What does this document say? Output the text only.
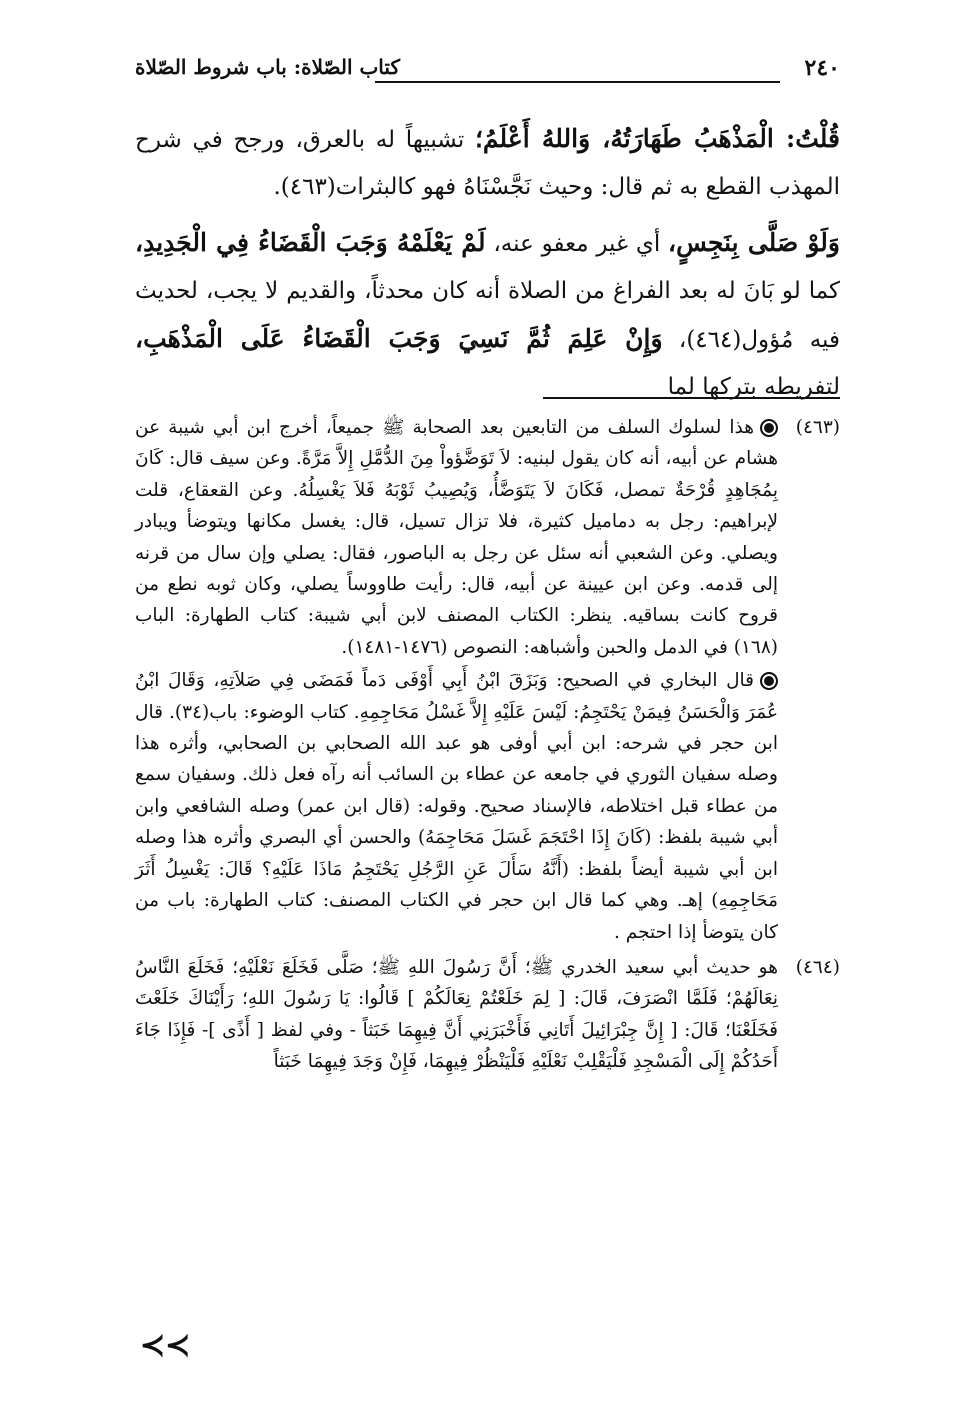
٢٤٠
كتاب الصّلاة: باب شروط الصّلاة

قُلْتُ: الْمَذْهَبُ طَهَارَتُهُ، وَاللهُ أَعْلَمُ؛ تشبيهاً له بالعرق، ورجح في شرح المهذب القطع به ثم قال: وحيث نَجَّسْنَاهُ فهو كالبثرات(٤٦٣).

وَلَوْ صَلَّى بِنَجِسٍ، أي غير معفو عنه، لَمْ يَعْلَمْهُ وَجَبَ الْقَضَاءُ فِي الْجَدِيدِ، كما لو بَانَ له بعد الفراغ من الصلاة أنه كان محدثاً، والقديم لا يجب، لحديث فيه مُؤول(٤٦٤)، وَإِنْ عَلِمَ ثُمَّ نَسِيَ وَجَبَ الْقَضَاءُ عَلَى الْمَذْهَبِ، لتفريطه بتركها لما

(٤٦٣)

هذا لسلوك السلف من التابعين بعد الصحابة ﷺ جميعاً، أخرج ابن أبي شيبة عن هشام عن أبيه، أنه كان يقول لبنيه: لاَ تَوَضَّؤواْ مِنَ الدُّمَّلِ إِلاَّ مَرَّةً. وعن سيف قال: كَانَ بِمُجَاهِدٍ قُرْحَةٌ تمصل، فَكَانَ لاَ يَتَوَضَّأُ، وَيُصِيبُ ثَوْبَهُ فَلاَ يَغْسِلُهُ. وعن القعقاع، قلت لإبراهيم: رجل به دماميل كثيرة، فلا تزال تسيل، قال: يغسل مكانها ويتوضأ ويبادر ويصلي. وعن الشعبي أنه سئل عن رجل به الباصور، فقال: يصلي وإن سال من قرنه إلى قدمه. وعن ابن عيينة عن أبيه، قال: رأيت طاووساً يصلي، وكان ثوبه نطع من قروح كانت بساقيه. ينظر: الكتاب المصنف لابن أبي شيبة: كتاب الطهارة: الباب (١٦٨) في الدمل والحبن وأشباهه: النصوص (١٤٧٦-١٤٨١).

قال البخاري في الصحيح: وَبَزَقَ ابْنُ أَبِي أَوْفَى دَماً فَمَضَى فِي صَلاَتِهِ، وَقَالَ ابْنُ عُمَرَ وَالْحَسَنُ فِيمَنْ يَحْتَجِمُ: لَيْسَ عَلَيْهِ إِلاَّ غَسْلُ مَحَاجِمِهِ. كتاب الوضوء: باب(٣٤). قال ابن حجر في شرحه: ابن أبي أوفى هو عبد الله الصحابي بن الصحابي، وأثره هذا وصله سفيان الثوري في جامعه عن عطاء بن السائب أنه رآه فعل ذلك. وسفيان سمع من عطاء قبل اختلاطه، فالإسناد صحيح. وقوله: (قال ابن عمر) وصله الشافعي وابن أبي شيبة بلفظ: (كَانَ إِذَا احْتَجَمَ غَسَلَ مَحَاجِمَهُ) والحسن أي البصري وأثره هذا وصله ابن أبي شيبة أيضاً بلفظ: (أَنَّهُ سَأَلَ عَنِ الرَّجُلِ يَحْتَجِمُ مَاذَا عَلَيْهِ؟ قَالَ: يَغْسِلُ أَثَرَ مَحَاجِمِهِ) إهـ. وهي كما قال ابن حجر في الكتاب المصنف: كتاب الطهارة: باب من كان يتوضأ إذا احتجم .

(٤٦٤)

هو حديث أبي سعيد الخدري ﷺ؛ أَنَّ رَسُولَ اللهِ ﷺ؛ صَلَّى فَخَلَعَ نَعْلَيْهِ؛ فَخَلَعَ النَّاسُ نِعَالَهُمْ؛ فَلَمَّا انْصَرَفَ، قَالَ: [ لِمَ خَلَعْتُمْ نِعَالَكُمْ ] قَالُوا: يَا رَسُولَ اللهِ؛ رَأَيْنَاكَ خَلَعْتَ فَخَلَعْنَا؛ قَالَ: [ إِنَّ جِبْرَائِيلَ أَتَانِي فَأَخْبَرَنِي أَنَّ فِيهِمَا خَبَثاً - وفي لفظ [ أَذًى ]- فَإِذَا جَاءَ أَحَدُكُمْ إِلَى الْمَسْجِدِ فَلْيَقْلِبْ نَعْلَيْهِ فَلْيَنْظُرْ فِيهِمَا، فَإِنْ وَجَدَ فِيهِمَا خَبَثاً

≺≺
